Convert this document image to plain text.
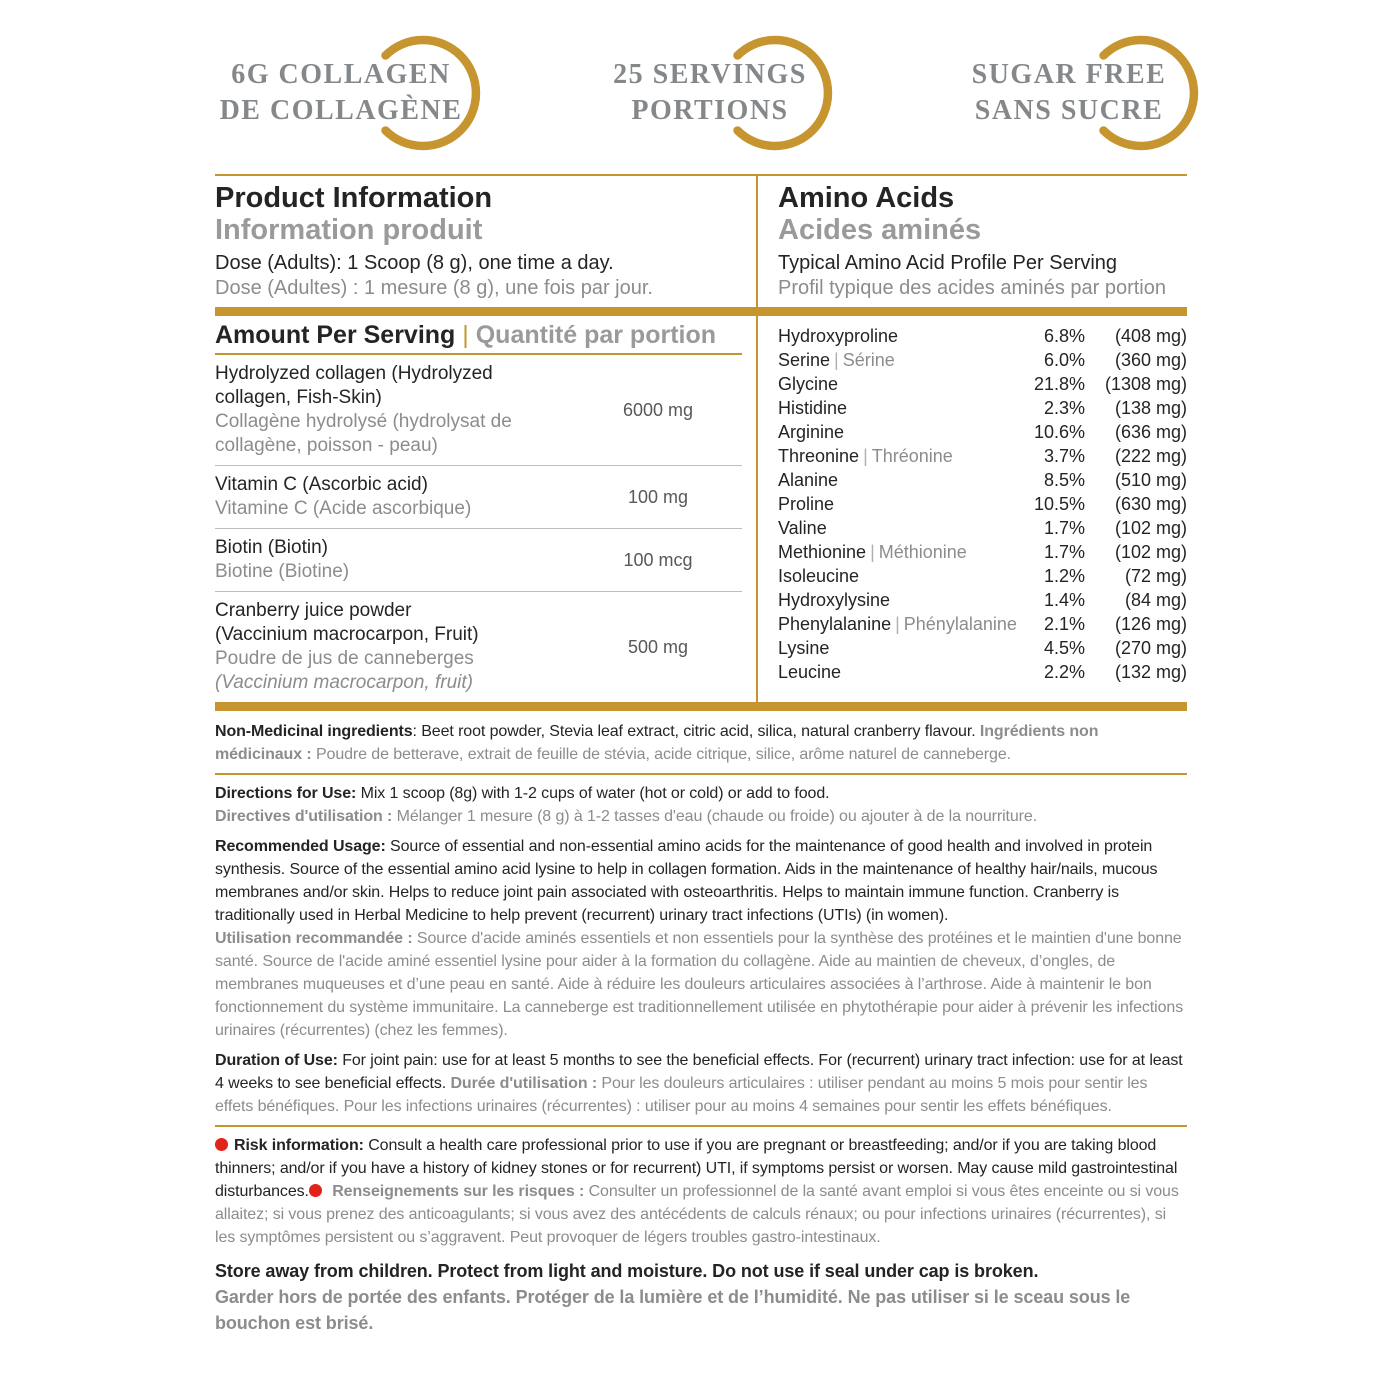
6G COLLAGEN
DE COLLAGÈNE
25 SERVINGS
PORTIONS
SUGAR FREE
SANS SUCRE
Product Information
Information produit
Dose (Adults): 1 Scoop (8 g), one time a day.
Dose (Adultes) : 1 mesure (8 g), une fois par jour.
Amino Acids
Acides aminés
Typical Amino Acid Profile Per Serving
Profil typique des acides aminés par portion
Amount Per Serving | Quantité par portion
Hydrolyzed collagen (Hydrolyzed
collagen, Fish-Skin)
Collagène hydrolysé (hydrolysat de
collagène, poisson - peau)
6000 mg
Vitamin C (Ascorbic acid)
Vitamine C (Acide ascorbique)
100 mg
Biotin (Biotin)
Biotine (Biotine)
100 mcg
Cranberry juice powder
(Vaccinium macrocarpon, Fruit)
Poudre de jus de canneberges
(Vaccinium macrocarpon, fruit)
500 mg
Hydroxyproline	6.8%	(408 mg)
Serine | Sérine	6.0%	(360 mg)
Glycine	21.8%	(1308 mg)
Histidine	2.3%	(138 mg)
Arginine	10.6%	(636 mg)
Threonine | Thréonine	3.7%	(222 mg)
Alanine	8.5%	(510 mg)
Proline	10.5%	(630 mg)
Valine	1.7%	(102 mg)
Methionine | Méthionine	1.7%	(102 mg)
Isoleucine	1.2%	(72 mg)
Hydroxylysine	1.4%	(84 mg)
Phenylalanine | Phénylalanine	2.1%	(126 mg)
Lysine	4.5%	(270 mg)
Leucine	2.2%	(132 mg)

Non-Medicinal ingredients: Beet root powder, Stevia leaf extract, citric acid, silica, natural cranberry flavour. Ingrédients non médicinaux : Poudre de betterave, extrait de feuille de stévia, acide citrique, silice, arôme naturel de canneberge.

Directions for Use: Mix 1 scoop (8g) with 1-2 cups of water (hot or cold) or add to food.
Directives d'utilisation : Mélanger 1 mesure (8 g) à 1-2 tasses d'eau (chaude ou froide) ou ajouter à de la nourriture.

Recommended Usage: Source of essential and non-essential amino acids for the maintenance of good health and involved in protein synthesis. Source of the essential amino acid lysine to help in collagen formation. Aids in the maintenance of healthy hair/nails, mucous membranes and/or skin. Helps to reduce joint pain associated with osteoarthritis. Helps to maintain immune function. Cranberry is traditionally used in Herbal Medicine to help prevent (recurrent) urinary tract infections (UTIs) (in women).
Utilisation recommandée : Source d'acide aminés essentiels et non essentiels pour la synthèse des protéines et le maintien d'une bonne santé. Source de l'acide aminé essentiel lysine pour aider à la formation du collagène. Aide au maintien de cheveux, d’ongles, de membranes muqueuses et d’une peau en santé. Aide à réduire les douleurs articulaires associées à l’arthrose. Aide à maintenir le bon fonctionnement du système immunitaire. La canneberge est traditionnellement utilisée en phytothérapie pour aider à prévenir les infections urinaires (récurrentes) (chez les femmes).

Duration of Use: For joint pain: use for at least 5 months to see the beneficial effects. For (recurrent) urinary tract infection: use for at least 4 weeks to see beneficial effects. Durée d'utilisation : Pour les douleurs articulaires : utiliser pendant au moins 5 mois pour sentir les effets bénéfiques. Pour les infections urinaires (récurrentes) : utiliser pour au moins 4 semaines pour sentir les effets bénéfiques.

Risk information: Consult a health care professional prior to use if you are pregnant or breastfeeding; and/or if you are taking blood thinners; and/or if you have a history of kidney stones or for recurrent) UTI, if symptoms persist or worsen. May cause mild gastrointestinal disturbances. Renseignements sur les risques : Consulter un professionnel de la santé avant emploi si vous êtes enceinte ou si vous allaitez; si vous prenez des anticoagulants; si vous avez des antécédents de calculs rénaux; ou pour infections urinaires (récurrentes), si les symptômes persistent ou s’aggravent. Peut provoquer de légers troubles gastro-intestinaux.

Store away from children. Protect from light and moisture. Do not use if seal under cap is broken.
Garder hors de portée des enfants. Protéger de la lumière et de l’humidité. Ne pas utiliser si le sceau sous le bouchon est brisé.
